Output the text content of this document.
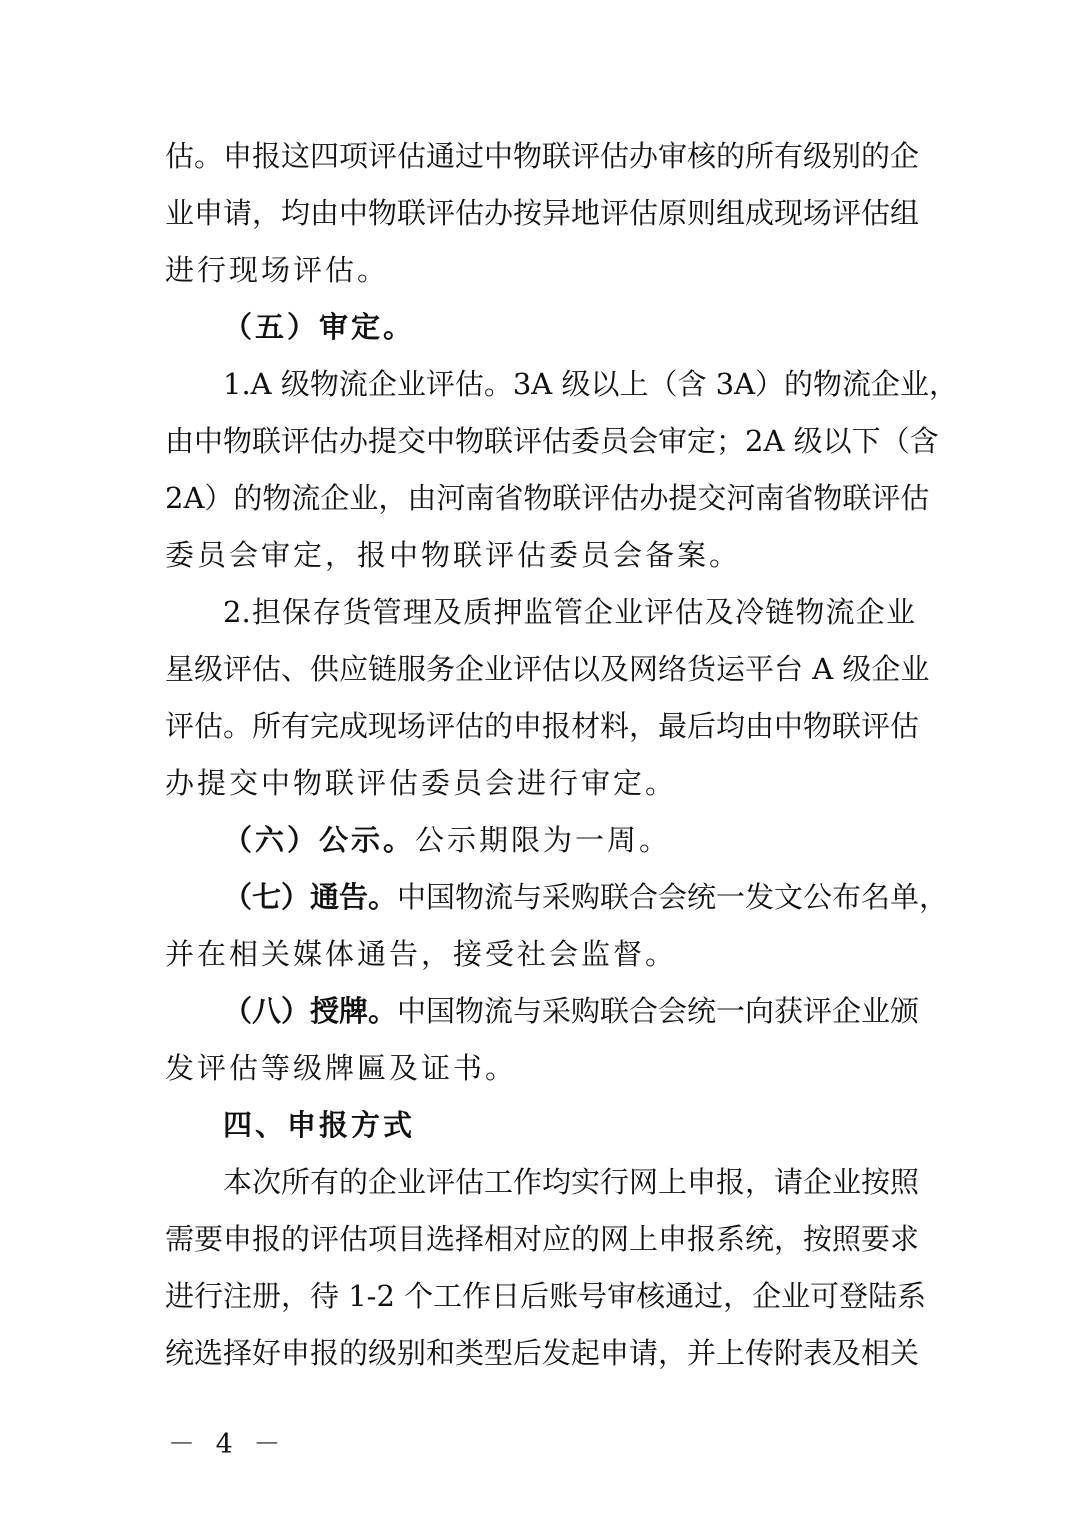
估。申报这四项评估通过中物联评估办审核的所有级别的企
业申请，均由中物联评估办按异地评估原则组成现场评估组
进行现场评估。
（五）审定。
1.A 级物流企业评估。3A 级以上（含 3A）的物流企业，
由中物联评估办提交中物联评估委员会审定；2A 级以下（含
2A）的物流企业，由河南省物联评估办提交河南省物联评估
委员会审定，报中物联评估委员会备案。
2.担保存货管理及质押监管企业评估及冷链物流企业
星级评估、供应链服务企业评估以及网络货运平台 A 级企业
评估。所有完成现场评估的申报材料，最后均由中物联评估
办提交中物联评估委员会进行审定。
（六）公示。公示期限为一周。
（七）通告。中国物流与采购联合会统一发文公布名单，
并在相关媒体通告，接受社会监督。
（八）授牌。中国物流与采购联合会统一向获评企业颁
发评估等级牌匾及证书。
四、申报方式
本次所有的企业评估工作均实行网上申报，请企业按照
需要申报的评估项目选择相对应的网上申报系统，按照要求
进行注册，待 1-2 个工作日后账号审核通过，企业可登陆系
统选择好申报的级别和类型后发起申请，并上传附表及相关
－ 4 －
